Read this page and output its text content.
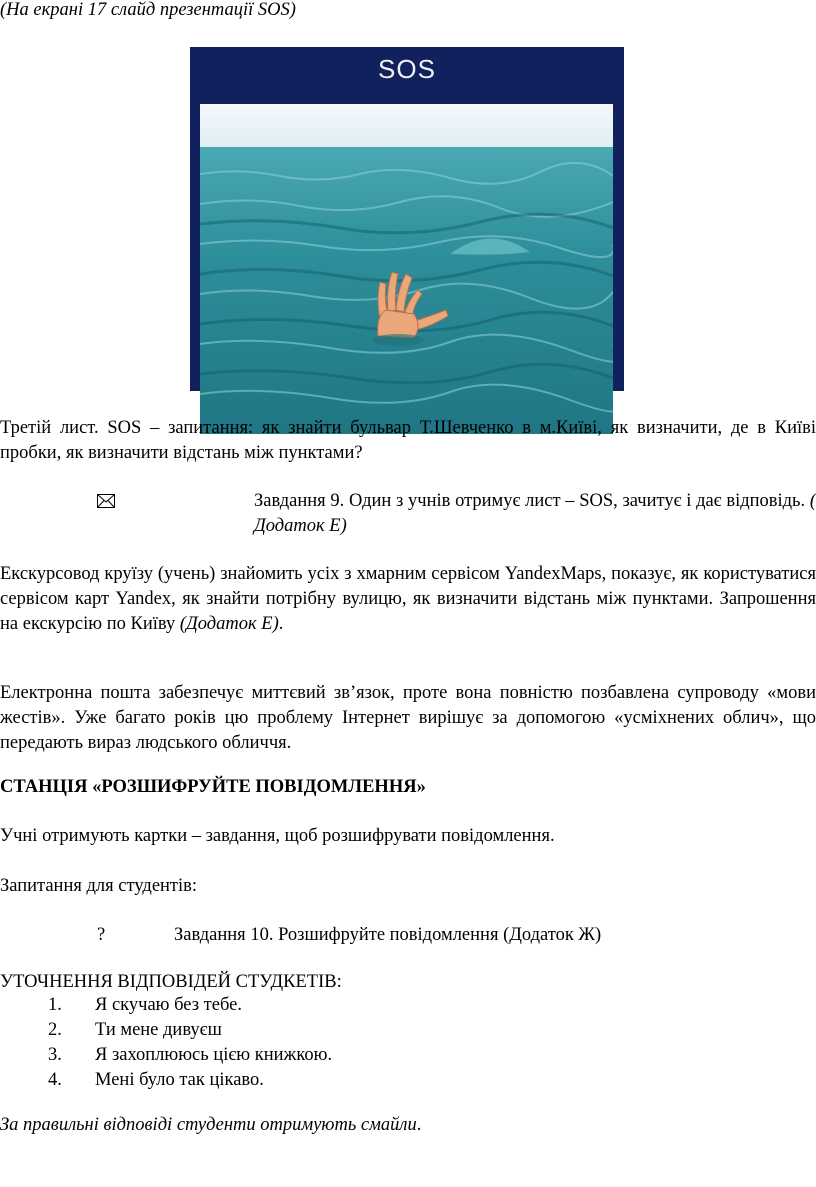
(На екрані 17 слайд презентації SOS)
SOS
Третій лист. SOS – запитання: як знайти бульвар Т.Шевченко в м.Київі, як визначити, де в Київі пробки, як визначити відстань між пунктами?
Завдання 9. Один з учнів отримує лист – SOS, зачитує і дає відповідь. ( Додаток Е)
Екскурсовод круїзу (учень) знайомить усіх з хмарним сервісом YandexMaps, показує, як користуватися сервісом карт Yandex, як знайти потрібну вулицю, як визначити відстань між пунктами. Запрошення на екскурсію по Київу (Додаток Е).
Електронна пошта забезпечує миттєвий зв’язок, проте вона повністю позбавлена супроводу «мови жестів». Уже багато років цю проблему Інтернет вирішує за допомогою «усміхнених облич», що передають вираз людського обличчя.
СТАНЦІЯ «РОЗШИФРУЙТЕ ПОВІДОМЛЕННЯ»
Учні отримують картки – завдання, щоб розшифрувати повідомлення.
Запитання для студентів:
?	Завдання 10. Розшифруйте повідомлення (Додаток Ж)
УТОЧНЕННЯ ВІДПОВІДЕЙ СТУДКЕТІВ:
1. Я скучаю без тебе.
2. Ти мене дивуєш
3. Я захоплююсь цією книжкою.
4. Мені було так цікаво.
За правильні відповіді студенти отримують смайли.
